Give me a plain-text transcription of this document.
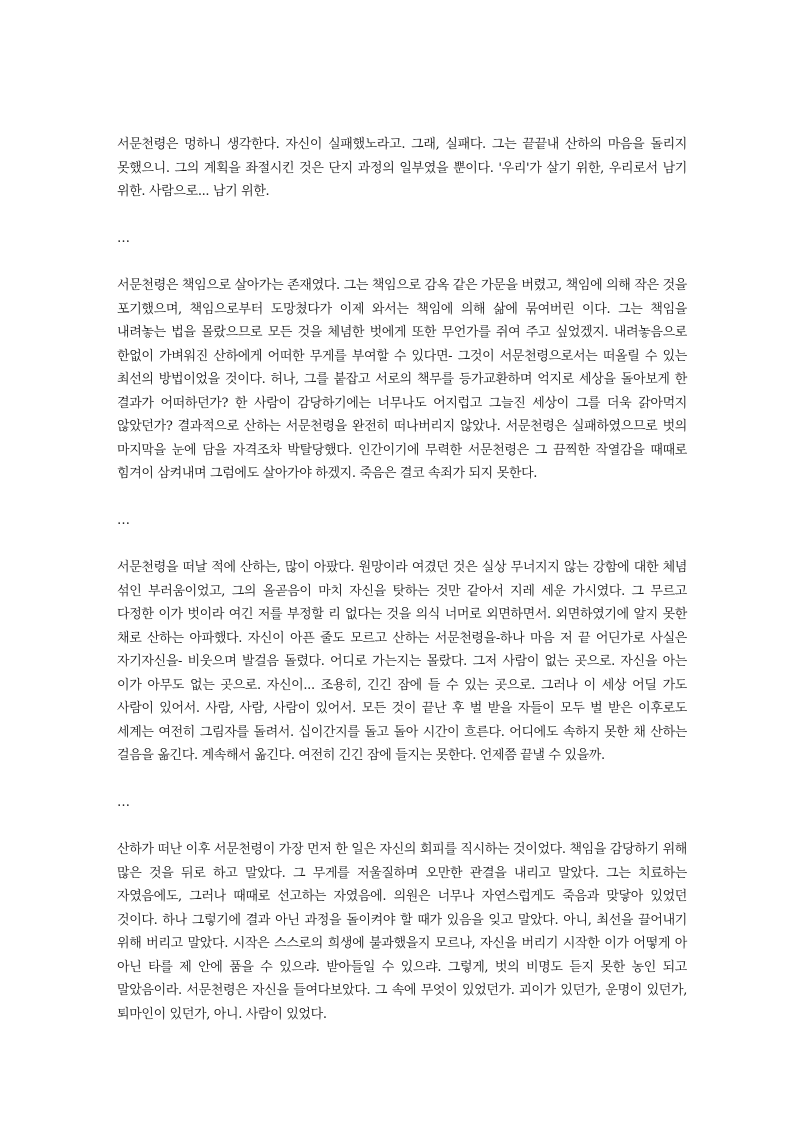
서문천령은 멍하니 생각한다. 자신이 실패했노라고. 그래, 실패다. 그는 끝끝내 산하의 마음을 돌리지 못했으니. 그의 계획을 좌절시킨 것은 단지 과정의 일부였을 뿐이다. '우리'가 살기 위한, 우리로서 남기 위한. 사람으로... 남기 위한.

…

서문천령은 책임으로 살아가는 존재였다. 그는 책임으로 감옥 같은 가문을 버렸고, 책임에 의해 작은 것을 포기했으며, 책임으로부터 도망쳤다가 이제 와서는 책임에 의해 삶에 묶여버린 이다. 그는 책임을 내려놓는 법을 몰랐으므로 모든 것을 체념한 벗에게 또한 무언가를 쥐여 주고 싶었겠지. 내려놓음으로 한없이 가벼워진 산하에게 어떠한 무게를 부여할 수 있다면- 그것이 서문천령으로서는 떠올릴 수 있는 최선의 방법이었을 것이다. 허나, 그를 붙잡고 서로의 책무를 등가교환하며 억지로 세상을 돌아보게 한 결과가 어떠하던가? 한 사람이 감당하기에는 너무나도 어지럽고 그늘진 세상이 그를 더욱 갉아먹지 않았던가? 결과적으로 산하는 서문천령을 완전히 떠나버리지 않았나. 서문천령은 실패하였으므로 벗의 마지막을 눈에 담을 자격조차 박탈당했다. 인간이기에 무력한 서문천령은 그 끔찍한 작열감을 때때로 힘겨이 삼켜내며 그럼에도 살아가야 하겠지. 죽음은 결코 속죄가 되지 못한다.

…

서문천령을 떠날 적에 산하는, 많이 아팠다. 원망이라 여겼던 것은 실상 무너지지 않는 강함에 대한 체념 섞인 부러움이었고, 그의 올곧음이 마치 자신을 탓하는 것만 같아서 지레 세운 가시였다. 그 무르고 다정한 이가 벗이라 여긴 저를 부정할 리 없다는 것을 의식 너머로 외면하면서. 외면하였기에 알지 못한 채로 산하는 아파했다. 자신이 아픈 줄도 모르고 산하는 서문천령을-하나 마음 저 끝 어딘가로 사실은 자기자신을- 비웃으며 발걸음 돌렸다. 어디로 가는지는 몰랐다. 그저 사람이 없는 곳으로. 자신을 아는 이가 아무도 없는 곳으로. 자신이... 조용히, 긴긴 잠에 들 수 있는 곳으로. 그러나 이 세상 어딜 가도 사람이 있어서. 사람, 사람, 사람이 있어서. 모든 것이 끝난 후 벌 받을 자들이 모두 벌 받은 이후로도 세계는 여전히 그림자를 돌려서. 십이간지를 돌고 돌아 시간이 흐른다. 어디에도 속하지 못한 채 산하는 걸음을 옮긴다. 계속해서 옮긴다. 여전히 긴긴 잠에 들지는 못한다. 언제쯤 끝낼 수 있을까.

…

산하가 떠난 이후 서문천령이 가장 먼저 한 일은 자신의 회피를 직시하는 것이었다. 책임을 감당하기 위해 많은 것을 뒤로 하고 말았다. 그 무게를 저울질하며 오만한 관결을 내리고 말았다. 그는 치료하는 자였음에도, 그러나 때때로 선고하는 자였음에. 의원은 너무나 자연스럽게도 죽음과 맞닿아 있었던 것이다. 하나 그렇기에 결과 아닌 과정을 돌이켜야 할 때가 있음을 잊고 말았다. 아니, 최선을 끌어내기 위해 버리고 말았다. 시작은 스스로의 희생에 불과했을지 모르나, 자신을 버리기 시작한 이가 어떻게 아 아닌 타를 제 안에 품을 수 있으랴. 받아들일 수 있으랴. 그렇게, 벗의 비명도 듣지 못한 농인 되고 말았음이라. 서문천령은 자신을 들여다보았다. 그 속에 무엇이 있었던가. 괴이가 있던가, 운명이 있던가, 퇴마인이 있던가, 아니. 사람이 있었다.
